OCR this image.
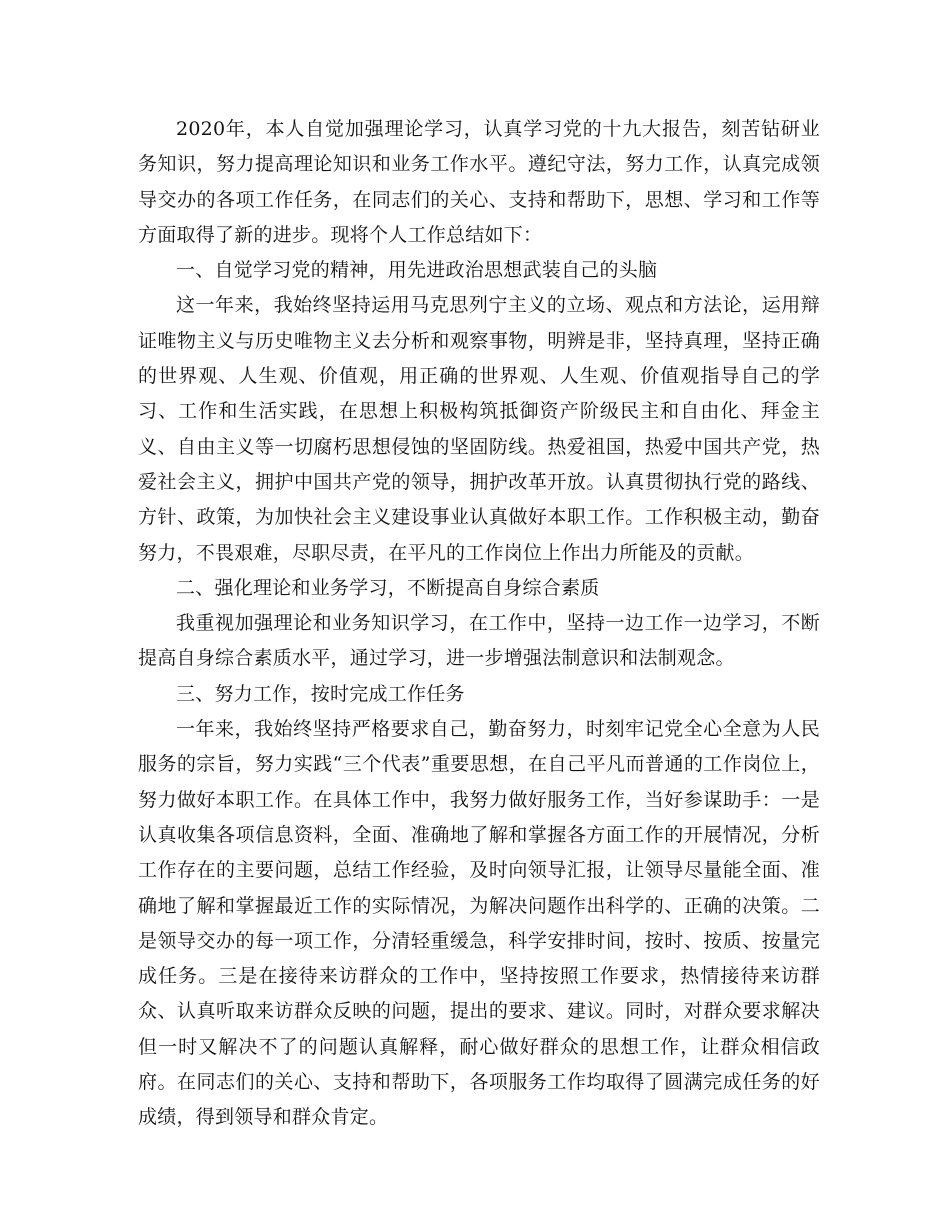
2020年，本人自觉加强理论学习，认真学习党的十九大报告，刻苦钻研业务知识，努力提高理论知识和业务工作水平。遵纪守法，努力工作，认真完成领导交办的各项工作任务，在同志们的关心、支持和帮助下，思想、学习和工作等方面取得了新的进步。现将个人工作总结如下：

一、自觉学习党的精神，用先进政治思想武装自己的头脑

这一年来，我始终坚持运用马克思列宁主义的立场、观点和方法论，运用辩证唯物主义与历史唯物主义去分析和观察事物，明辨是非，坚持真理，坚持正确的世界观、人生观、价值观，用正确的世界观、人生观、价值观指导自己的学习、工作和生活实践，在思想上积极构筑抵御资产阶级民主和自由化、拜金主义、自由主义等一切腐朽思想侵蚀的坚固防线。热爱祖国，热爱中国共产党，热爱社会主义，拥护中国共产党的领导，拥护改革开放。认真贯彻执行党的路线、方针、政策，为加快社会主义建设事业认真做好本职工作。工作积极主动，勤奋努力，不畏艰难，尽职尽责，在平凡的工作岗位上作出力所能及的贡献。

二、强化理论和业务学习，不断提高自身综合素质

我重视加强理论和业务知识学习，在工作中，坚持一边工作一边学习，不断提高自身综合素质水平，通过学习，进一步增强法制意识和法制观念。

三、努力工作，按时完成工作任务

一年来，我始终坚持严格要求自己，勤奋努力，时刻牢记党全心全意为人民服务的宗旨，努力实践“三个代表”重要思想，在自己平凡而普通的工作岗位上，努力做好本职工作。在具体工作中，我努力做好服务工作，当好参谋助手：一是认真收集各项信息资料，全面、准确地了解和掌握各方面工作的开展情况，分析工作存在的主要问题，总结工作经验，及时向领导汇报，让领导尽量能全面、准确地了解和掌握最近工作的实际情况，为解决问题作出科学的、正确的决策。二是领导交办的每一项工作，分清轻重缓急，科学安排时间，按时、按质、按量完成任务。三是在接待来访群众的工作中，坚持按照工作要求，热情接待来访群众、认真听取来访群众反映的问题，提出的要求、建议。同时，对群众要求解决但一时又解决不了的问题认真解释，耐心做好群众的思想工作，让群众相信政府。在同志们的关心、支持和帮助下，各项服务工作均取得了圆满完成任务的好成绩，得到领导和群众肯定。
